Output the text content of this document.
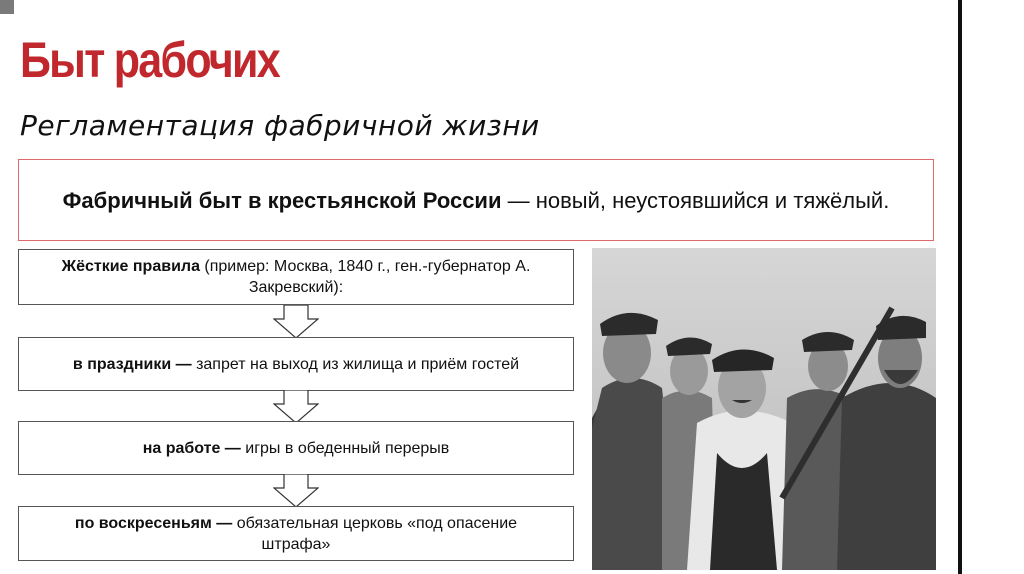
Быт рабочих
Регламентация фабричной жизни
Фабричный быт в крестьянской России — новый, неустоявшийся и тяжёлый.
Жёсткие правила (пример: Москва, 1840 г., ген.-губернатор А. Закревский):
в праздники — запрет на выход из жилища и приём гостей
на работе — игры в обеденный перерыв
по воскресеньям — обязательная церковь «под опасение штрафа»
